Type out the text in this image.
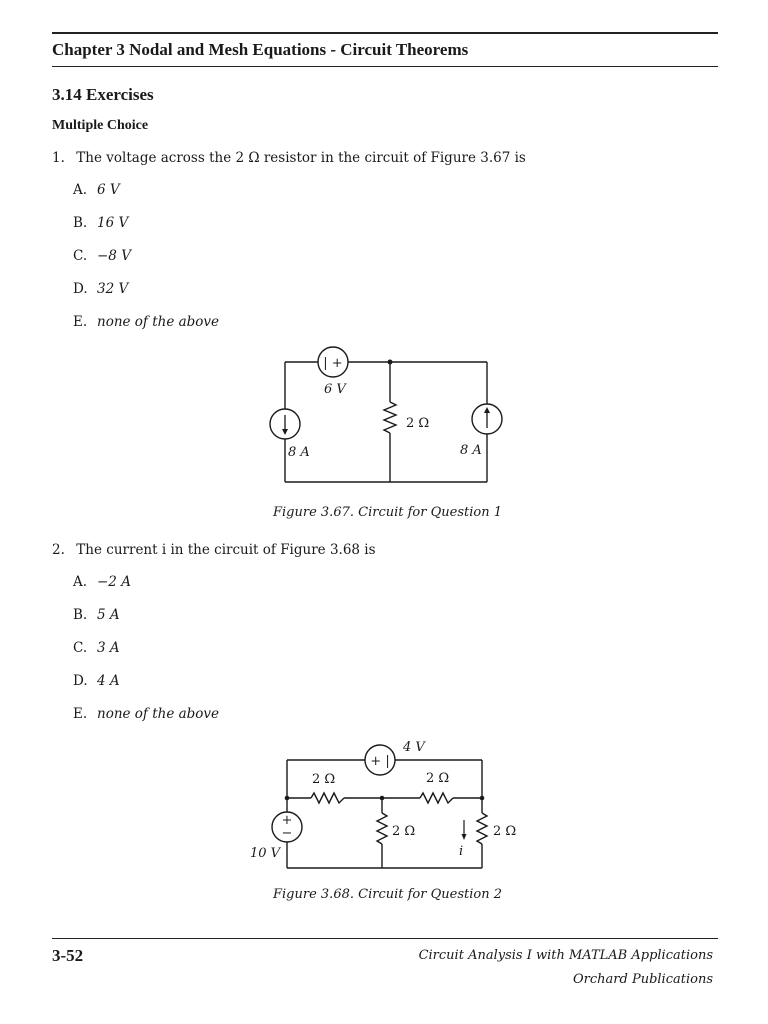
Chapter 3 Nodal and Mesh Equations - Circuit Theorems
3.14 Exercises
Multiple Choice
1. The voltage across the 2 Ω resistor in the circuit of Figure 3.67 is
A. 6 V
B. 16 V
C. −8 V
D. 32 V
E. none of the above
| +
6 V
8 A	8 A
2 Ω
Figure 3.67. Circuit for Question 1
2. The current i in the circuit of Figure 3.68 is
A. −2 A
B. 5 A
C. 3 A
D. 4 A
E. none of the above
+ |
4 V
+
−
10 V
2 Ω	2 Ω
2 Ω	2 Ω
i
Figure 3.68. Circuit for Question 2
3-52	Circuit Analysis I with MATLAB Applications
Orchard Publications
